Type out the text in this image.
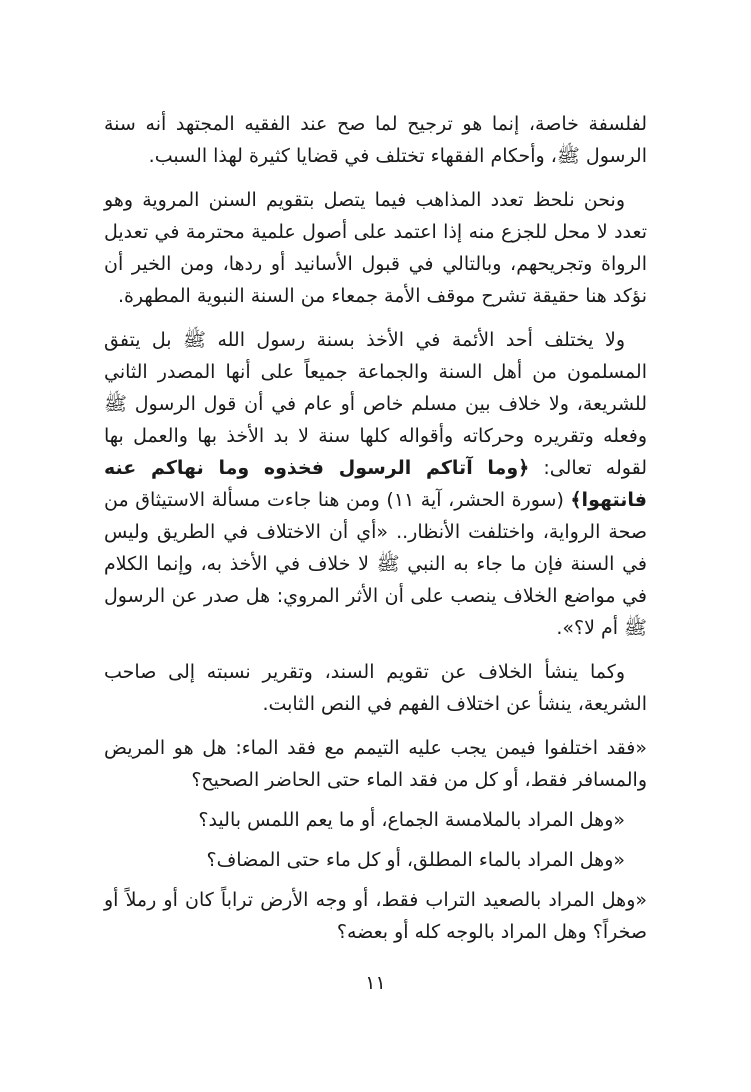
لفلسفة خاصة، إنما هو ترجيح لما صح عند الفقيه المجتهد أنه سنة الرسول ﷺ، وأحكام الفقهاء تختلف في قضايا كثيرة لهذا السبب.

ونحن نلحظ تعدد المذاهب فيما يتصل بتقويم السنن المروية وهو تعدد لا محل للجزع منه إذا اعتمد على أصول علمية محترمة في تعديل الرواة وتجريحهم، وبالتالي في قبول الأسانيد أو ردها، ومن الخير أن نؤكد هنا حقيقة تشرح موقف الأمة جمعاء من السنة النبوية المطهرة.

ولا يختلف أحد الأئمة في الأخذ بسنة رسول الله ﷺ بل يتفق المسلمون من أهل السنة والجماعة جميعاً على أنها المصدر الثاني للشريعة، ولا خلاف بين مسلم خاص أو عام في أن قول الرسول ﷺ وفعله وتقريره وحركاته وأقواله كلها سنة لا بد الأخذ بها والعمل بها لقوله تعالى: ﴿وما آتاكم الرسول فخذوه وما نهاكم عنه فانتهوا﴾ (سورة الحشر، آية ١١) ومن هنا جاءت مسألة الاستيثاق من صحة الرواية، واختلفت الأنظار.. «أي أن الاختلاف في الطريق وليس في السنة فإن ما جاء به النبي ﷺ لا خلاف في الأخذ به، وإنما الكلام في مواضع الخلاف ينصب على أن الأثر المروي: هل صدر عن الرسول ﷺ أم لا؟».

وكما ينشأ الخلاف عن تقويم السند، وتقرير نسبته إلى صاحب الشريعة، ينشأ عن اختلاف الفهم في النص الثابت.

«فقد اختلفوا فيمن يجب عليه التيمم مع فقد الماء: هل هو المريض والمسافر فقط، أو كل من فقد الماء حتى الحاضر الصحيح؟

«وهل المراد بالملامسة الجماع، أو ما يعم اللمس باليد؟

«وهل المراد بالماء المطلق، أو كل ماء حتى المضاف؟

«وهل المراد بالصعيد التراب فقط، أو وجه الأرض تراباً كان أو رملاً أو صخراً؟ وهل المراد بالوجه كله أو بعضه؟

١١
